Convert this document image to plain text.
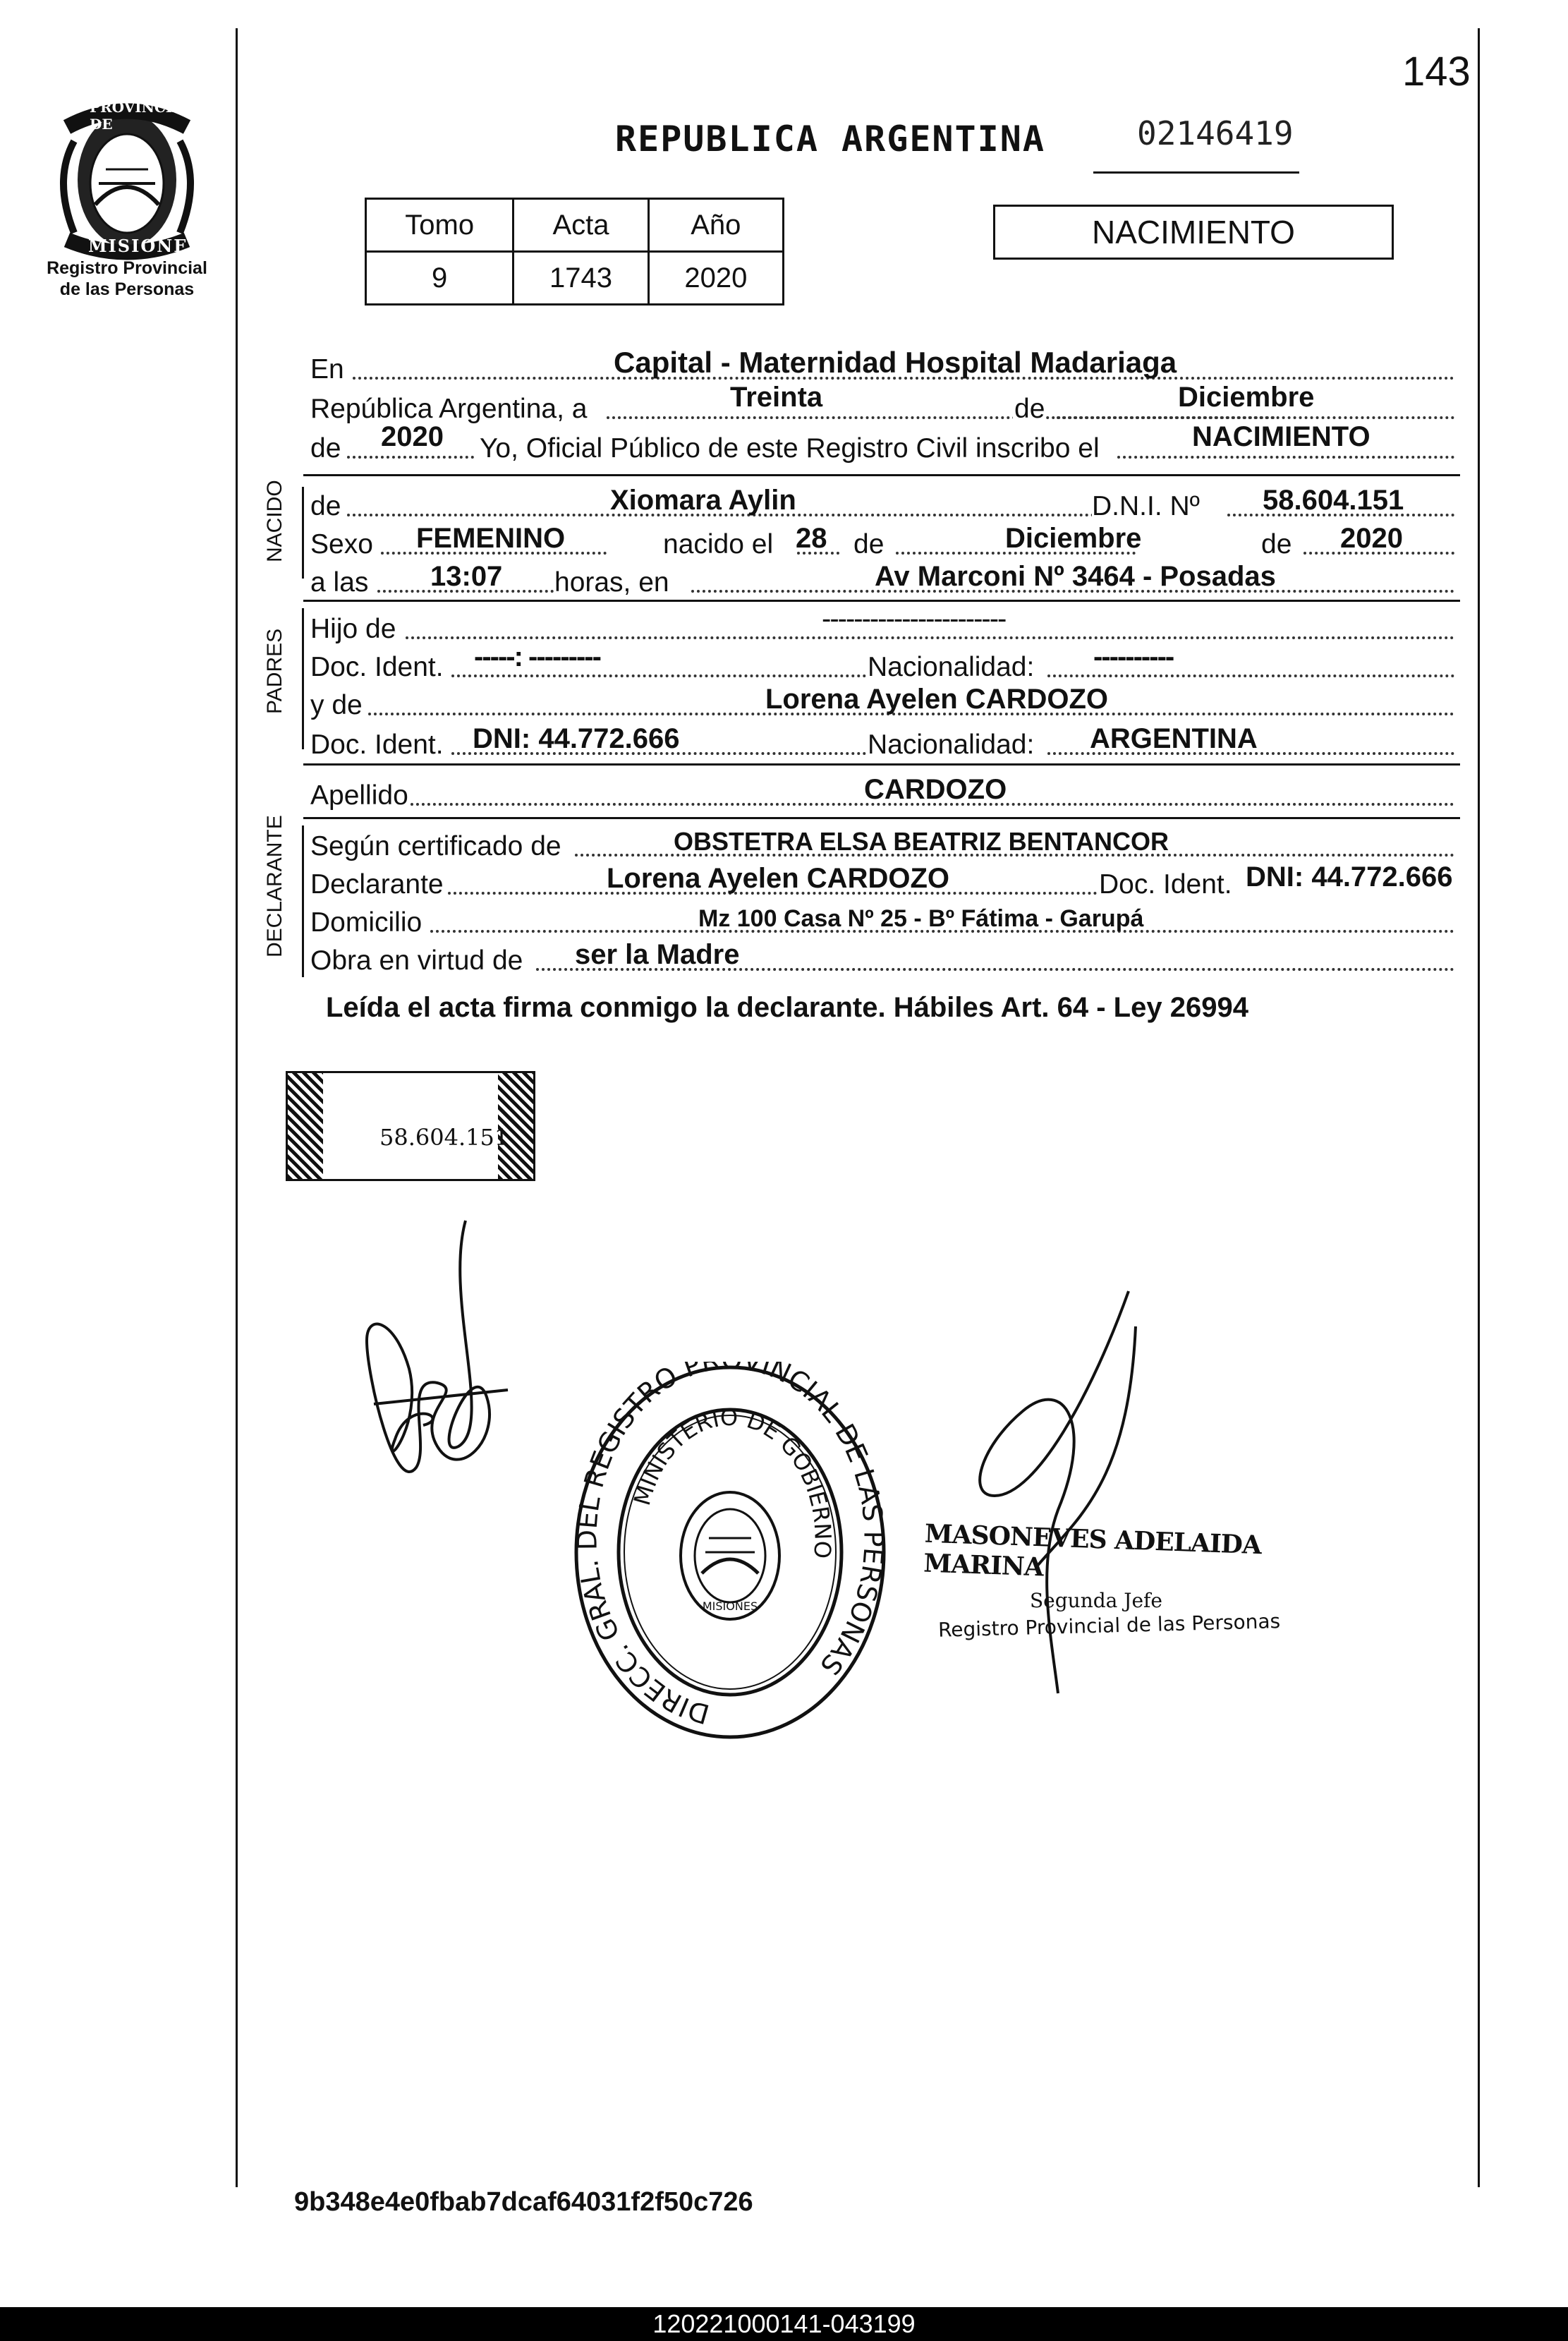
PROVINCIA DE
MISIONES
Registro Provincial
de las Personas
143
REPUBLICA ARGENTINA	02146419
Tomo	Acta	Año
9	1743	2020
NACIMIENTO
En	Capital - Maternidad Hospital Madariaga
República Argentina, a	Treinta	de	Diciembre
de 2020 Yo, Oficial Público de este Registro Civil inscribo el	NACIMIENTO
NACIDO de	Xiomara Aylin	D.N.I. Nº 58.604.151
Sexo FEMENINO	nacido el 28 de	Diciembre	de 2020
a las 13:07 horas, en	Av Marconi Nº 3464 - Posadas
PADRES Hijo de	-----------------------
Doc. Ident. -----: ---------	Nacionalidad: ----------
y de	Lorena Ayelen CARDOZO
Doc. Ident. DNI: 44.772.666	Nacionalidad: ARGENTINA
Apellido	CARDOZO
DECLARANTE Según certificado de	OBSTETRA ELSA BEATRIZ BENTANCOR
Declarante	Lorena Ayelen CARDOZO	Doc. Ident. DNI: 44.772.666
Domicilio	Mz 100 Casa Nº 25 - Bº Fátima - Garupá
Obra en virtud de ser la Madre
Leída el acta firma conmigo la declarante. Hábiles Art. 64 - Ley 26994
58.604.151
DIRECC. GRAL. DEL REGISTRO P VINCIAL DE LAS PERSONAS
MINISTERIO DE GOBIERNO
MISIONES
MASONEVES ADELAIDA MARINA
Segunda Jefe
Registro Provincial de las Personas
9b348e4e0fbab7dcaf64031f2f50c726
120221000141-043199
